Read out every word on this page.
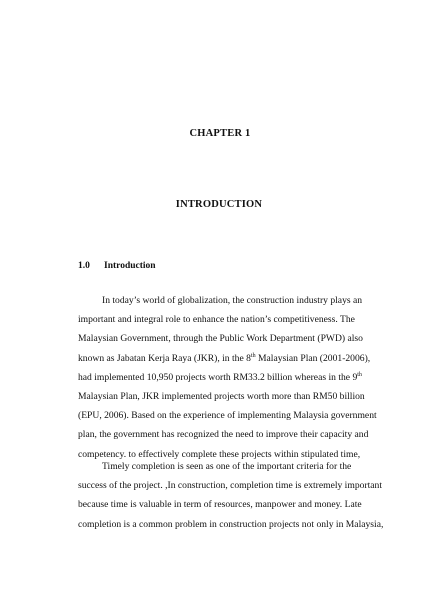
CHAPTER 1
INTRODUCTION
1.0 Introduction
In today’s world of globalization, the construction industry plays an
important and integral role to enhance the nation’s competitiveness. The
Malaysian Government, through the Public Work Department (PWD) also
known as Jabatan Kerja Raya (JKR), in the 8th Malaysian Plan (2001-2006),
had implemented 10,950 projects worth RM33.2 billion whereas in the 9th
Malaysian Plan, JKR implemented projects worth more than RM50 billion
(EPU, 2006). Based on the experience of implementing Malaysia government
plan, the government has recognized the need to improve their capacity and
competency. to effectively complete these projects within stipulated time,
Timely completion is seen as one of the important criteria for the
success of the project. ,In construction, completion time is extremely important
because time is valuable in term of resources, manpower and money. Late
completion is a common problem in construction projects not only in Malaysia,
